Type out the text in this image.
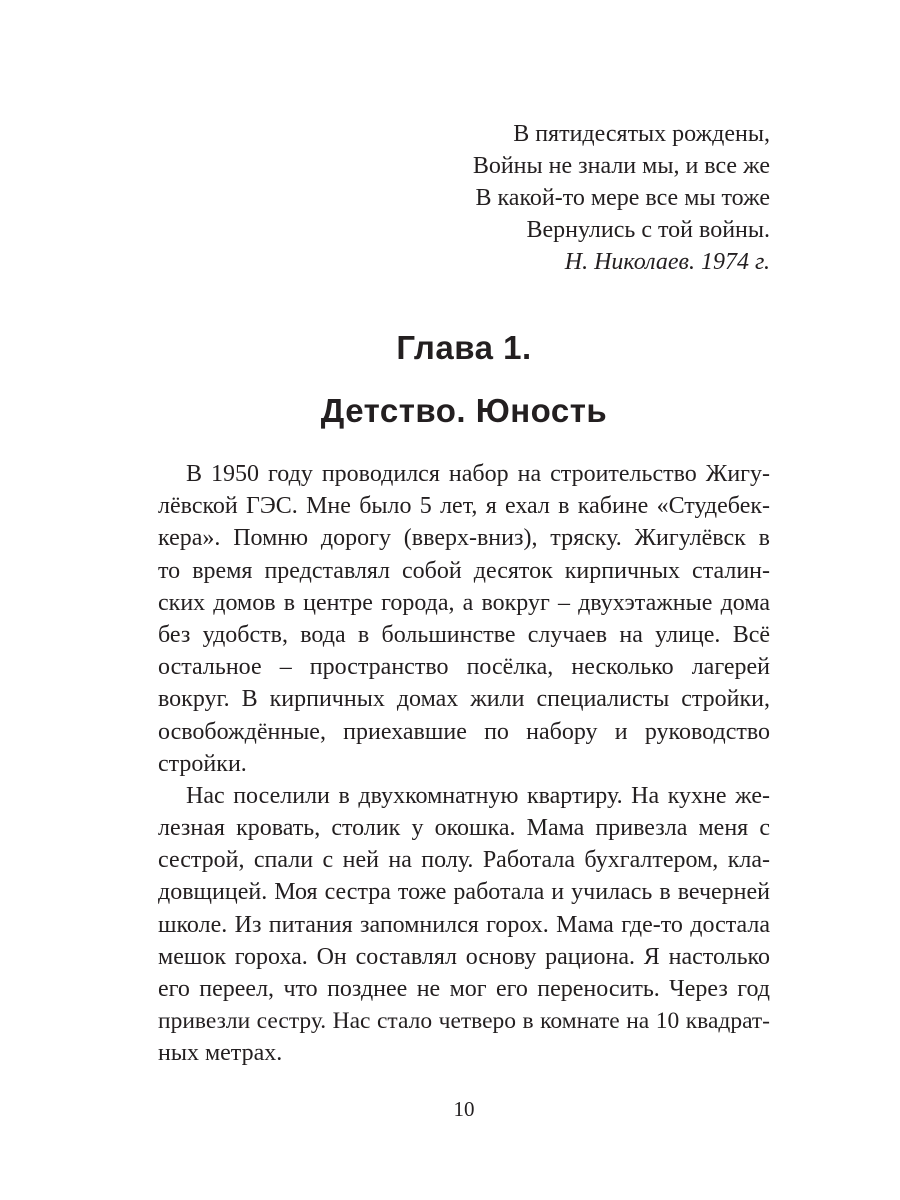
В пятидесятых рождены,
Войны не знали мы, и все же
В какой-то мере все мы тоже
Вернулись с той войны.
Н. Николаев. 1974 г.
Глава 1.
Детство. Юность
В 1950 году проводился набор на строительство Жигу-
лёвской ГЭС. Мне было 5 лет, я ехал в кабине «Студебек-
кера». Помню дорогу (вверх-вниз), тряску. Жигулёвск в
то время представлял собой десяток кирпичных сталин-
ских домов в центре города, а вокруг – двухэтажные дома
без удобств, вода в большинстве случаев на улице. Всё
остальное – пространство посёлка, несколько лагерей
вокруг. В кирпичных домах жили специалисты стройки,
освобождённые, приехавшие по набору и руководство
стройки.
Нас поселили в двухкомнатную квартиру. На кухне же-
лезная кровать, столик у окошка. Мама привезла меня с
сестрой, спали с ней на полу. Работала бухгалтером, кла-
довщицей. Моя сестра тоже работала и училась в вечерней
школе. Из питания запомнился горох. Мама где-то достала
мешок гороха. Он составлял основу рациона. Я настолько
его переел, что позднее не мог его переносить. Через год
привезли сестру. Нас стало четверо в комнате на 10 квадрат-
ных метрах.
10
